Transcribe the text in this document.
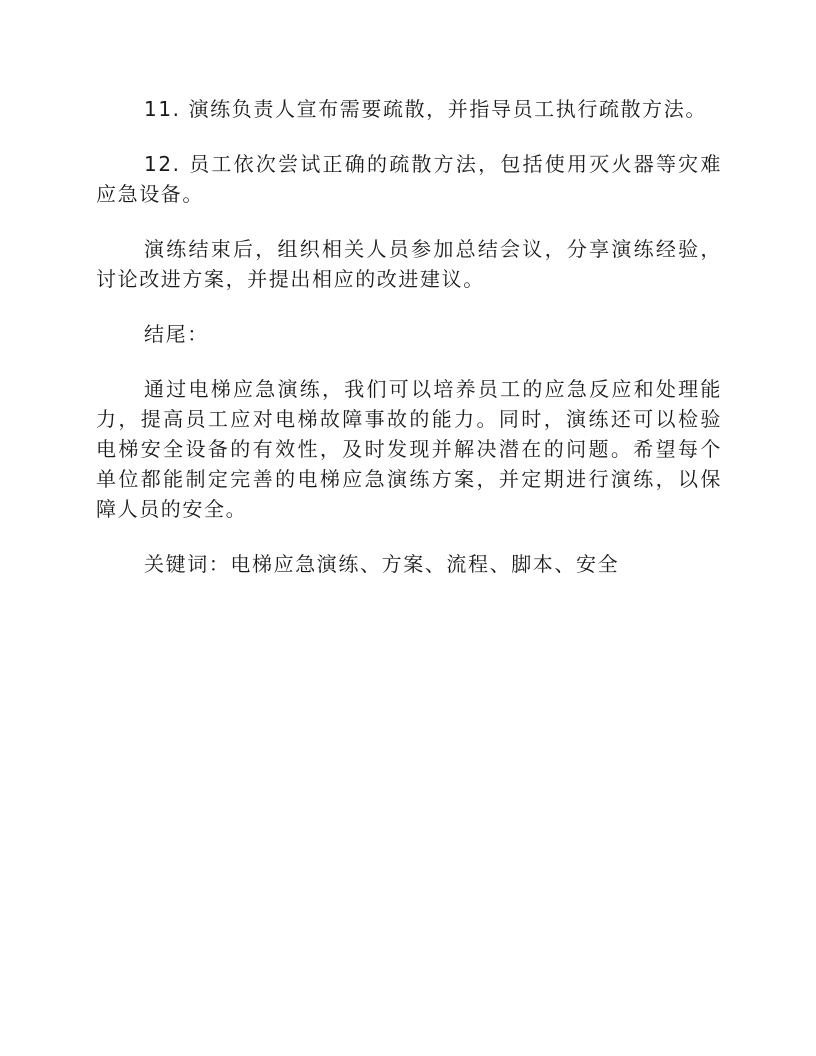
11. 演练负责人宣布需要疏散，并指导员工执行疏散方法。

12. 员工依次尝试正确的疏散方法，包括使用灭火器等灾难应急设备。

演练结束后，组织相关人员参加总结会议，分享演练经验，讨论改进方案，并提出相应的改进建议。

结尾：

通过电梯应急演练，我们可以培养员工的应急反应和处理能力，提高员工应对电梯故障事故的能力。同时，演练还可以检验电梯安全设备的有效性，及时发现并解决潜在的问题。希望每个单位都能制定完善的电梯应急演练方案，并定期进行演练，以保障人员的安全。

关键词：电梯应急演练、方案、流程、脚本、安全
